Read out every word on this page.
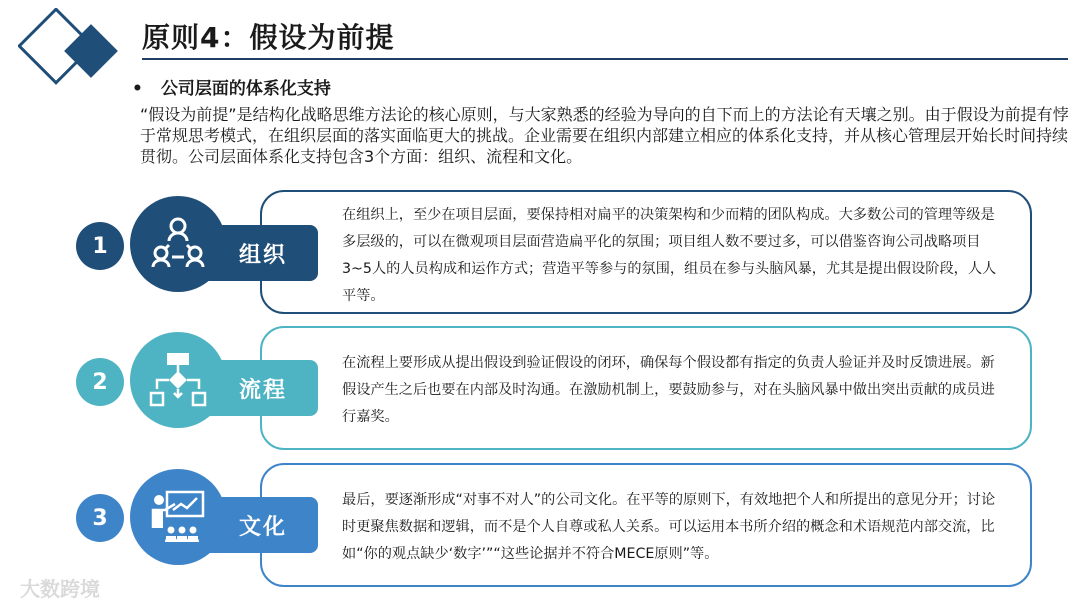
原则4：假设为前提
• 公司层面的体系化支持
“假设为前提”是结构化战略思维方法论的核心原则，与大家熟悉的经验为导向的自下而上的方法论有天壤之别。由于假设为前提有悖于常规思考模式，在组织层面的落实面临更大的挑战。企业需要在组织内部建立相应的体系化支持，并从核心管理层开始长时间持续贯彻。公司层面体系化支持包含3个方面：组织、流程和文化。
在组织上，至少在项目层面，要保持相对扁平的决策架构和少而精的团队构成。大多数公司的管理等级是多层级的，可以在微观项目层面营造扁平化的氛围；项目组人数不要过多，可以借鉴咨询公司战略项目3~5人的人员构成和运作方式；营造平等参与的氛围，组员在参与头脑风暴，尤其是提出假设阶段，人人平等。
组织
1
在流程上要形成从提出假设到验证假设的闭环，确保每个假设都有指定的负责人验证并及时反馈进展。新假设产生之后也要在内部及时沟通。在激励机制上，要鼓励参与，对在头脑风暴中做出突出贡献的成员进行嘉奖。
流程
2
最后，要逐渐形成“对事不对人”的公司文化。在平等的原则下，有效地把个人和所提出的意见分开；讨论时更聚焦数据和逻辑，而不是个人自尊或私人关系。可以运用本书所介绍的概念和术语规范内部交流，比如“你的观点缺少‘数字’”“这些论据并不符合MECE原则”等。
文化
3
大数跨境
